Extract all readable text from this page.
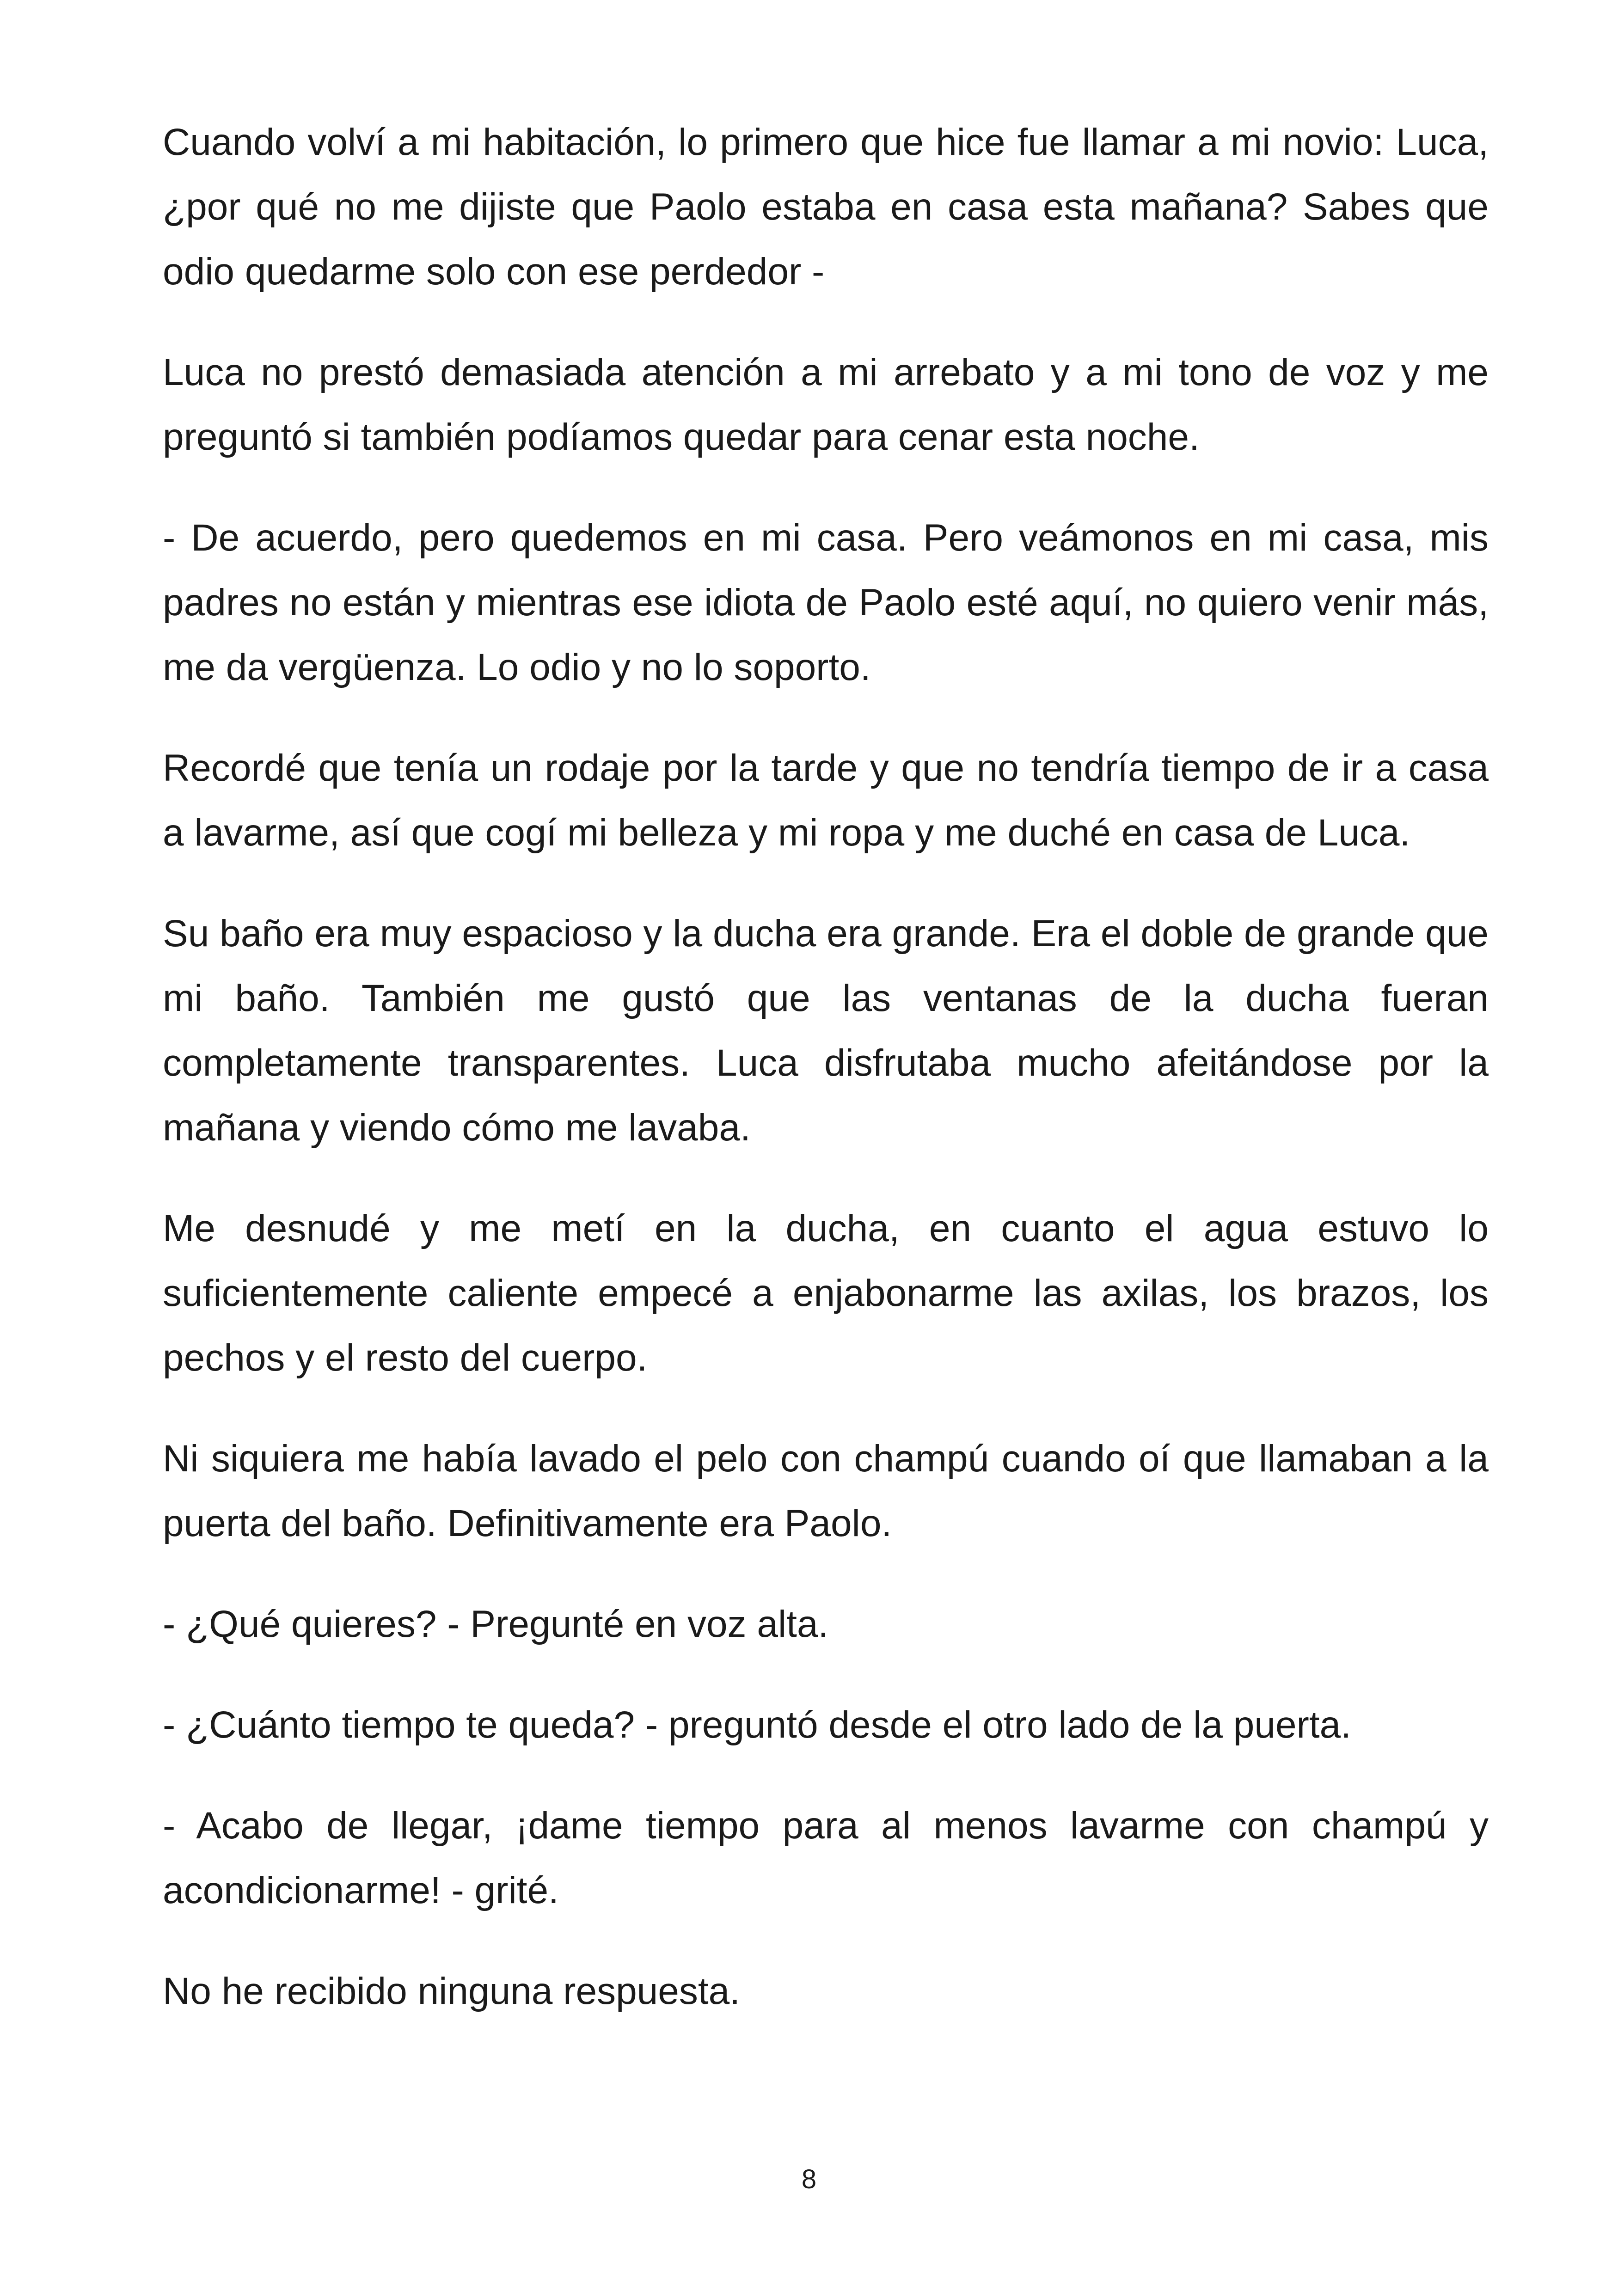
Cuando volví a mi habitación, lo primero que hice fue llamar a mi novio: Luca, ¿por qué no me dijiste que Paolo estaba en casa esta mañana? Sabes que odio quedarme solo con ese perdedor -

Luca no prestó demasiada atención a mi arrebato y a mi tono de voz y me preguntó si también podíamos quedar para cenar esta noche.

- De acuerdo, pero quedemos en mi casa. Pero veámonos en mi casa, mis padres no están y mientras ese idiota de Paolo esté aquí, no quiero venir más, me da vergüenza. Lo odio y no lo soporto.

Recordé que tenía un rodaje por la tarde y que no tendría tiempo de ir a casa a lavarme, así que cogí mi belleza y mi ropa y me duché en casa de Luca.

Su baño era muy espacioso y la ducha era grande. Era el doble de grande que mi baño. También me gustó que las ventanas de la ducha fueran completamente transparentes. Luca disfrutaba mucho afeitándose por la mañana y viendo cómo me lavaba.

Me desnudé y me metí en la ducha, en cuanto el agua estuvo lo suficientemente caliente empecé a enjabonarme las axilas, los brazos, los pechos y el resto del cuerpo.

Ni siquiera me había lavado el pelo con champú cuando oí que llamaban a la puerta del baño. Definitivamente era Paolo.

- ¿Qué quieres? - Pregunté en voz alta.

- ¿Cuánto tiempo te queda? - preguntó desde el otro lado de la puerta.

- Acabo de llegar, ¡dame tiempo para al menos lavarme con champú y acondicionarme! - grité.

No he recibido ninguna respuesta.

8
